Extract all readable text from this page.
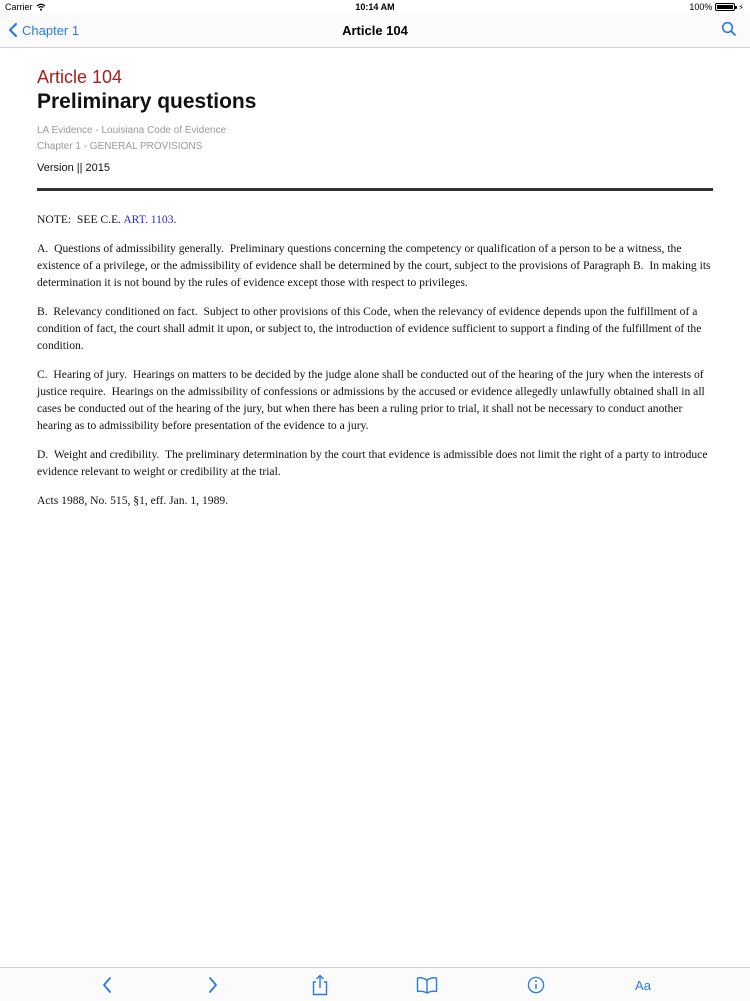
Carrier	10:14 AM	100%	⚡
Chapter 1	Article 104
Article 104
Preliminary questions
LA Evidence - Louisiana Code of Evidence
Chapter 1 - GENERAL PROVISIONS
Version || 2015

NOTE:  SEE C.E. ART. 1103.

A.  Questions of admissibility generally.  Preliminary questions concerning the competency or qualification of a person to be a witness, the existence of a privilege, or the admissibility of evidence shall be determined by the court, subject to the provisions of Paragraph B.  In making its determination it is not bound by the rules of evidence except those with respect to privileges.

B.  Relevancy conditioned on fact.  Subject to other provisions of this Code, when the relevancy of evidence depends upon the fulfillment of a condition of fact, the court shall admit it upon, or subject to, the introduction of evidence sufficient to support a finding of the fulfillment of the condition.

C.  Hearing of jury.  Hearings on matters to be decided by the judge alone shall be conducted out of the hearing of the jury when the interests of justice require.  Hearings on the admissibility of confessions or admissions by the accused or evidence allegedly unlawfully obtained shall in all cases be conducted out of the hearing of the jury, but when there has been a ruling prior to trial, it shall not be necessary to conduct another hearing as to admissibility before presentation of the evidence to a jury.

D.  Weight and credibility.  The preliminary determination by the court that evidence is admissible does not limit the right of a party to introduce evidence relevant to weight or credibility at the trial.

Acts 1988, No. 515, §1, eff. Jan. 1, 1989.

Aa
